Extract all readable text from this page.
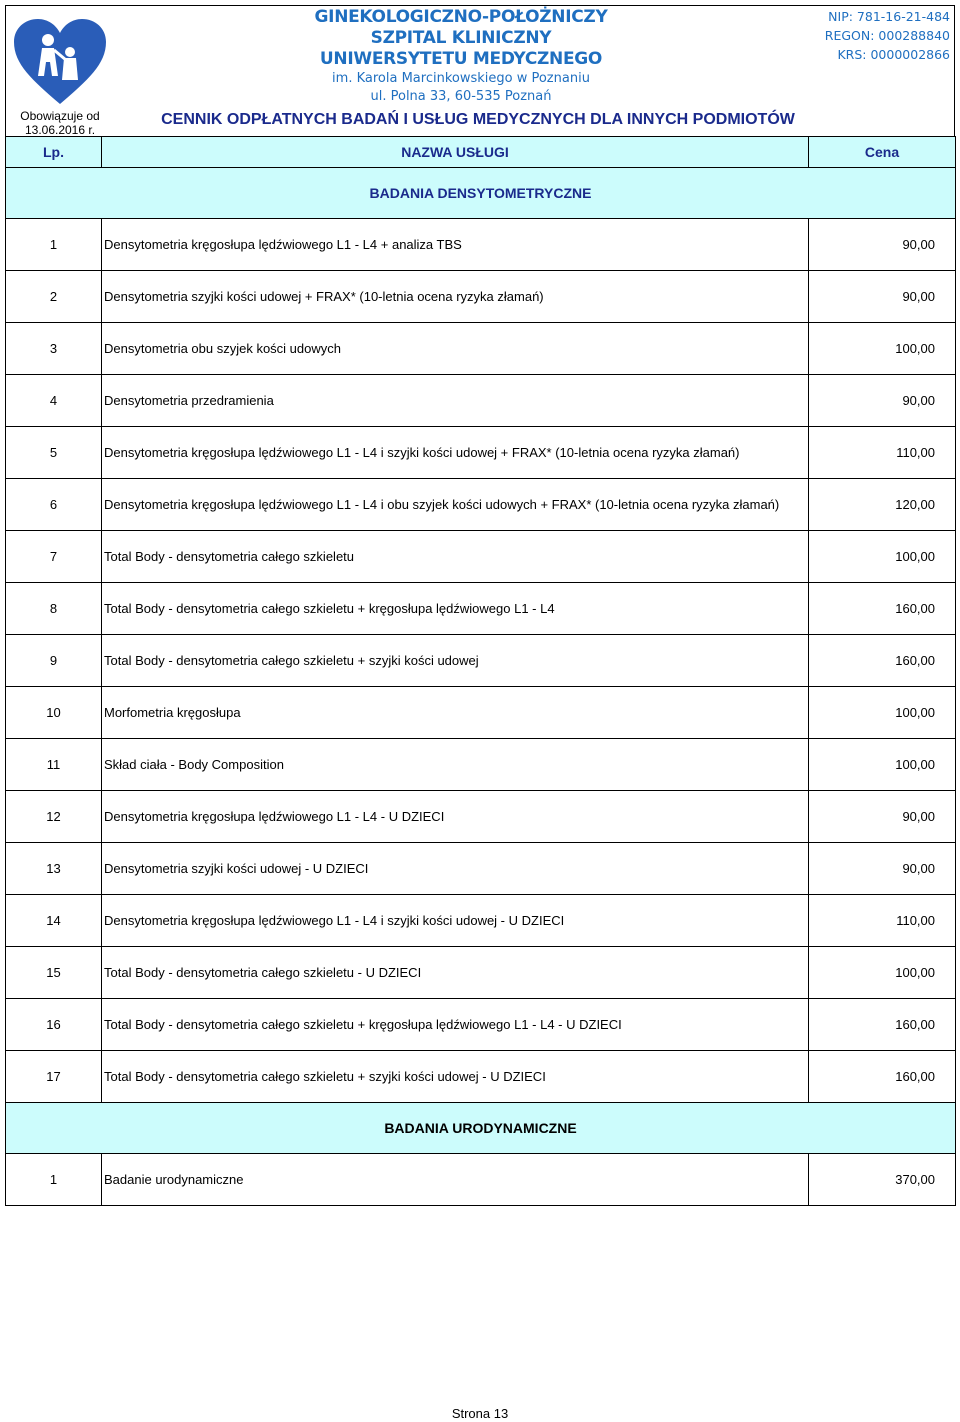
Obowiązuje od
13.06.2016 r.
GINEKOLOGICZNO-POŁOŻNICZY
SZPITAL KLINICZNY
UNIWERSYTETU MEDYCZNEGO
im. Karola Marcinkowskiego w Poznaniu
ul. Polna 33, 60-535 Poznań
NIP: 781-16-21-484
REGON: 000288840
KRS: 0000002866
CENNIK ODPŁATNYCH BADAŃ I USŁUG MEDYCZNYCH DLA INNYCH PODMIOTÓW
Lp.	NAZWA USŁUGI	Cena
BADANIA DENSYTOMETRYCZNE		
1	Densytometria kręgosłupa lędźwiowego L1 - L4 + analiza TBS	90,00
2	Densytometria szyjki kości udowej + FRAX* (10-letnia ocena ryzyka złamań)	90,00
3	Densytometria obu szyjek kości udowych	100,00
4	Densytometria przedramienia	90,00
5	Densytometria kręgosłupa lędźwiowego L1 - L4 i szyjki kości udowej + FRAX* (10-letnia ocena ryzyka złamań)	110,00
6	Densytometria kręgosłupa lędźwiowego L1 - L4 i obu szyjek kości udowych + FRAX* (10-letnia ocena ryzyka złamań)	120,00
7	Total Body - densytometria całego szkieletu	100,00
8	Total Body - densytometria całego szkieletu + kręgosłupa lędźwiowego L1 - L4	160,00
9	Total Body - densytometria całego szkieletu + szyjki kości udowej	160,00
10	Morfometria kręgosłupa	100,00
11	Skład ciała - Body Composition	100,00
12	Densytometria kręgosłupa lędźwiowego L1 - L4 - U DZIECI	90,00
13	Densytometria szyjki kości udowej - U DZIECI	90,00
14	Densytometria kręgosłupa lędźwiowego L1 - L4 i szyjki kości udowej - U DZIECI	110,00
15	Total Body - densytometria całego szkieletu - U DZIECI	100,00
16	Total Body - densytometria całego szkieletu + kręgosłupa lędźwiowego L1 - L4 - U DZIECI	160,00
17	Total Body - densytometria całego szkieletu + szyjki kości udowej - U DZIECI	160,00
BADANIA URODYNAMICZNE		
1	Badanie urodynamiczne	370,00
Strona 13
